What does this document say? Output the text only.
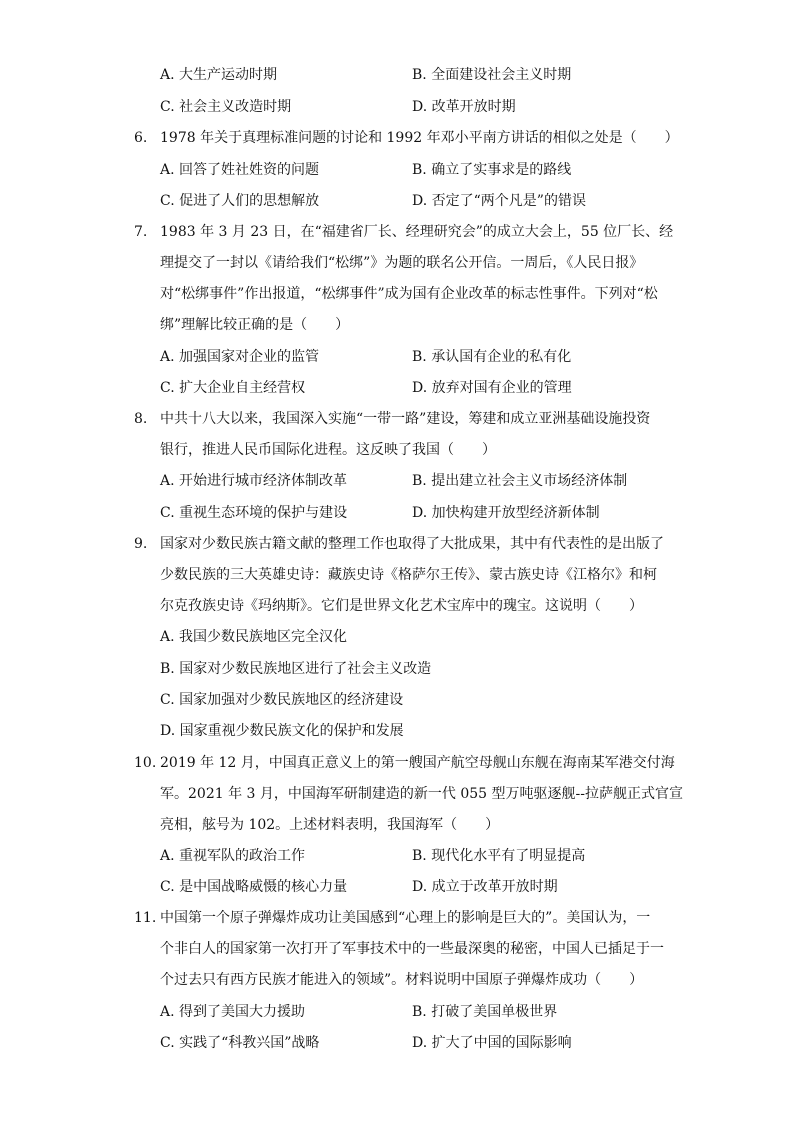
A. 大生产运动时期	B. 全面建设社会主义时期
C. 社会主义改造时期	D. 改革开放时期
6. 1978 年关于真理标准问题的讨论和 1992 年邓小平南方讲话的相似之处是（　　）
A. 回答了姓社姓资的问题	B. 确立了实事求是的路线
C. 促进了人们的思想解放	D. 否定了“两个凡是”的错误
7. 1983 年 3 月 23 日，在“福建省厂长、经理研究会”的成立大会上，55 位厂长、经
理提交了一封以《请给我们“松绑”》为题的联名公开信。一周后，《人民日报》
对“松绑事件”作出报道，“松绑事件”成为国有企业改革的标志性事件。下列对“松
绑”理解比较正确的是（　　）
A. 加强国家对企业的监管	B. 承认国有企业的私有化
C. 扩大企业自主经营权	D. 放弃对国有企业的管理
8. 中共十八大以来，我国深入实施“一带一路”建设，筹建和成立亚洲基础设施投资
银行，推进人民币国际化进程。这反映了我国（　　）
A. 开始进行城市经济体制改革	B. 提出建立社会主义市场经济体制
C. 重视生态环境的保护与建设	D. 加快构建开放型经济新体制
9. 国家对少数民族古籍文献的整理工作也取得了大批成果，其中有代表性的是出版了
少数民族的三大英雄史诗：藏族史诗《格萨尔王传》、蒙古族史诗《江格尔》和柯
尔克孜族史诗《玛纳斯》。它们是世界文化艺术宝库中的瑰宝。这说明（　　）
A. 我国少数民族地区完全汉化
B. 国家对少数民族地区进行了社会主义改造
C. 国家加强对少数民族地区的经济建设
D. 国家重视少数民族文化的保护和发展
10. 2019 年 12 月，中国真正意义上的第一艘国产航空母舰山东舰在海南某军港交付海
军。2021 年 3 月，中国海军研制建造的新一代 055 型万吨驱逐舰--拉萨舰正式官宣
亮相，舷号为 102。上述材料表明，我国海军（　　）
A. 重视军队的政治工作	B. 现代化水平有了明显提高
C. 是中国战略威慑的核心力量	D. 成立于改革开放时期
11. 中国第一个原子弹爆炸成功让美国感到“心理上的影响是巨大的”。美国认为，一
个非白人的国家第一次打开了军事技术中的一些最深奥的秘密，中国人已插足于一
个过去只有西方民族才能进入的领域”。材料说明中国原子弹爆炸成功（　　）
A. 得到了美国大力援助	B. 打破了美国单极世界
C. 实践了“科教兴国”战略	D. 扩大了中国的国际影响
